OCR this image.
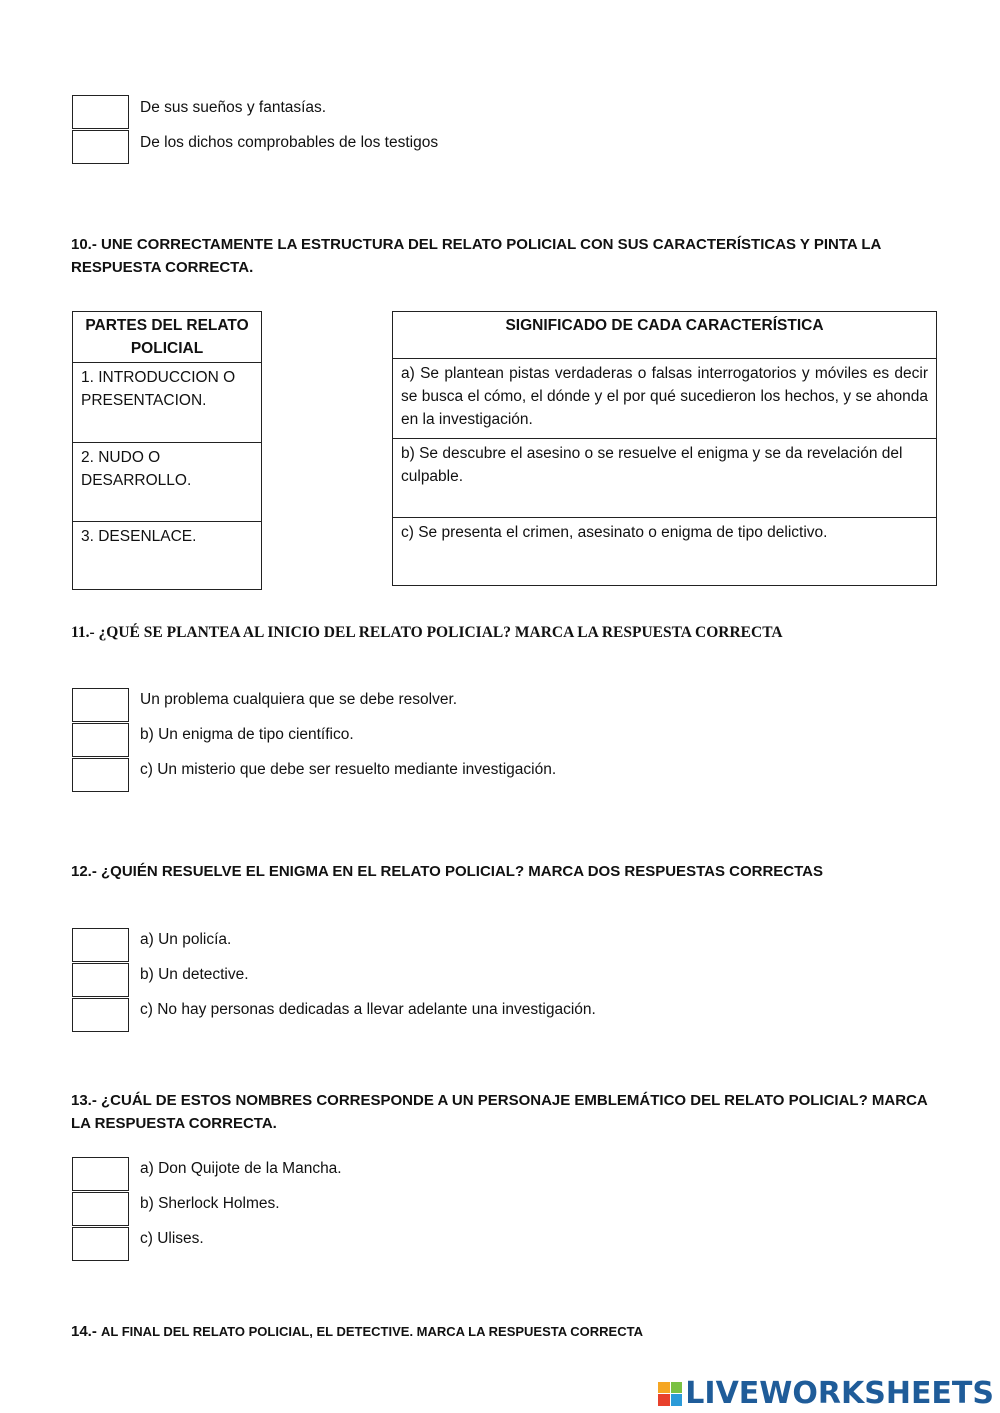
De sus sueños y fantasías.
De los dichos comprobables de los testigos
10.- UNE CORRECTAMENTE LA ESTRUCTURA DEL RELATO POLICIAL CON SUS CARACTERÍSTICAS Y PINTA LA
RESPUESTA CORRECTA.
PARTES DEL RELATO POLICIAL
1. INTRODUCCION O PRESENTACION.
2. NUDO O DESARROLLO.
3. DESENLACE.
SIGNIFICADO DE CADA CARACTERÍSTICA
a) Se plantean pistas verdaderas o falsas interrogatorios y móviles es decir se busca el cómo, el dónde y el por qué sucedieron los hechos, y se ahonda en la investigación.
b) Se descubre el asesino o se resuelve el enigma y se da revelación del culpable.
c) Se presenta el crimen, asesinato o enigma de tipo delictivo.
11.- ¿QUÉ SE PLANTEA AL INICIO DEL RELATO POLICIAL? MARCA LA RESPUESTA CORRECTA
Un problema cualquiera que se debe resolver.
b) Un enigma de tipo científico.
c) Un misterio que debe ser resuelto mediante investigación.
12.- ¿QUIÉN RESUELVE EL ENIGMA EN EL RELATO POLICIAL? MARCA DOS RESPUESTAS CORRECTAS
a) Un policía.
b) Un detective.
c) No hay personas dedicadas a llevar adelante una investigación.
13.- ¿CUÁL DE ESTOS NOMBRES CORRESPONDE A UN PERSONAJE EMBLEMÁTICO DEL RELATO POLICIAL? MARCA
LA RESPUESTA CORRECTA.
a) Don Quijote de la Mancha.
b) Sherlock Holmes.
c) Ulises.
14.- AL FINAL DEL RELATO POLICIAL, EL DETECTIVE. MARCA LA RESPUESTA CORRECTA
LIVEWORKSHEETS
